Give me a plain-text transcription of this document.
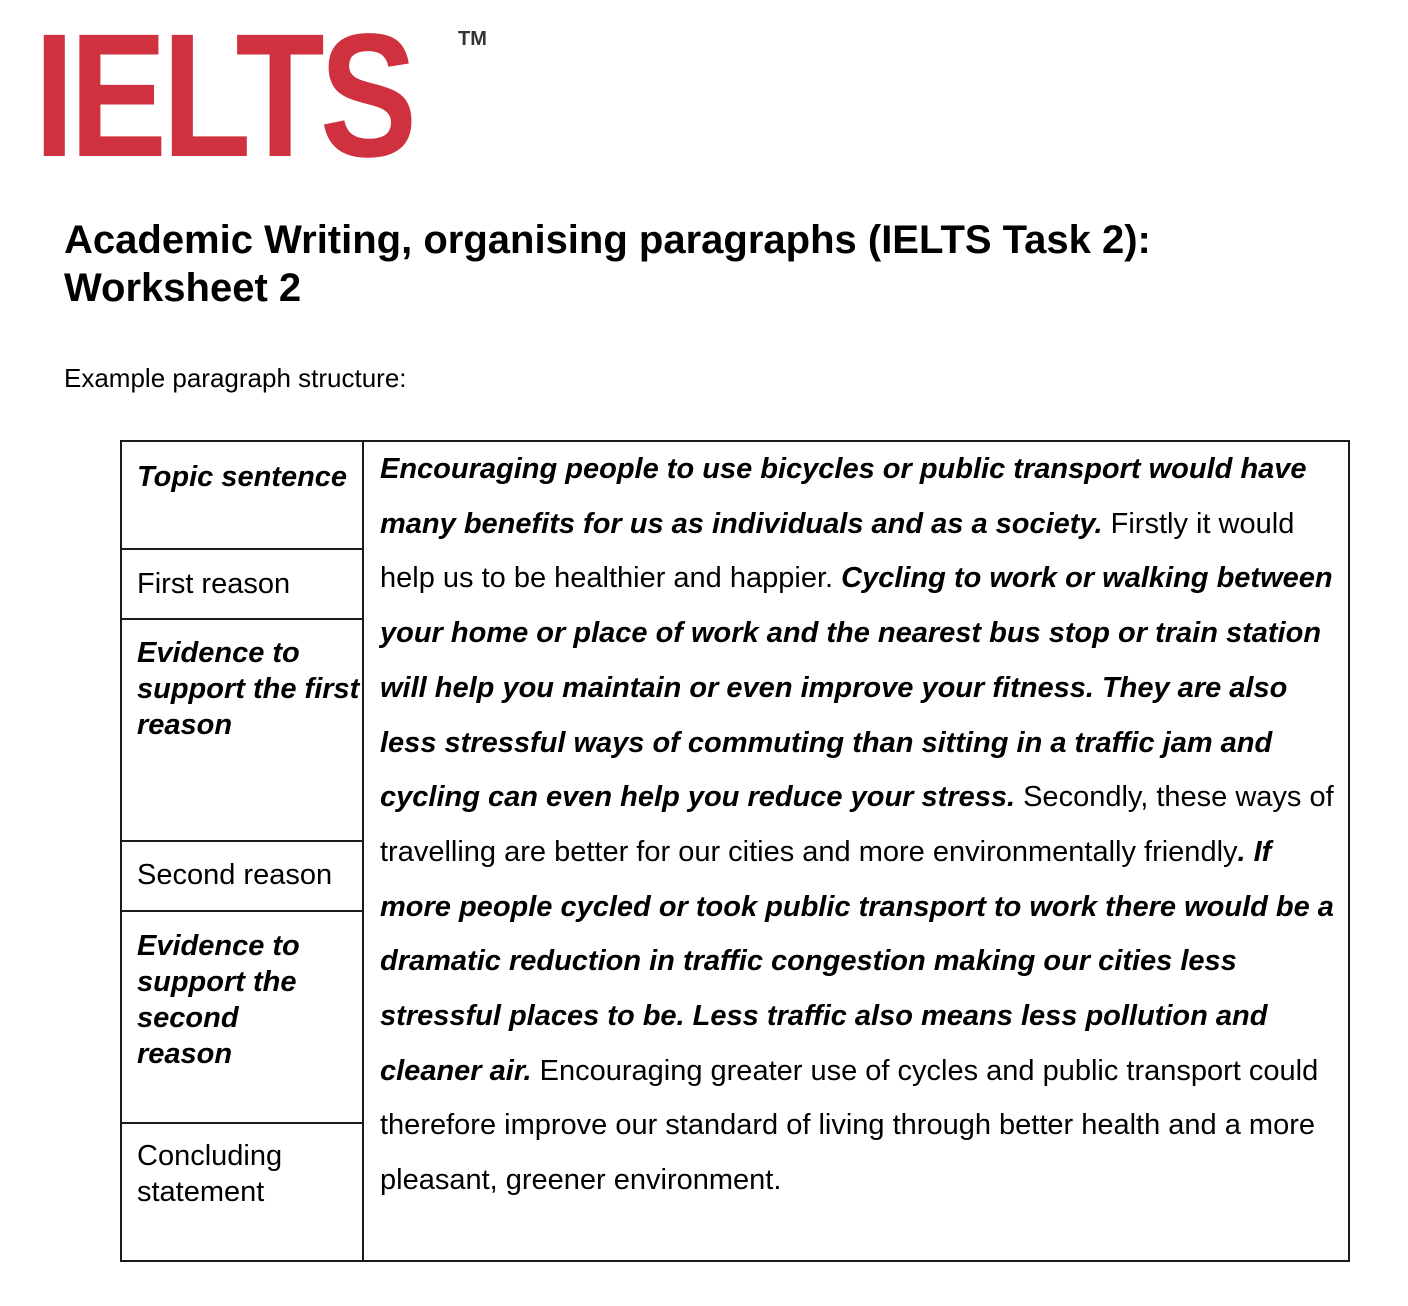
IELTS TM
Academic Writing, organising paragraphs (IELTS Task 2): Worksheet 2
Example paragraph structure:
Topic sentence
First reason
Evidence to support the first reason
Second reason
Evidence to support the second reason
Concluding statement

Encouraging people to use bicycles or public transport would have many benefits for us as individuals and as a society. Firstly it would help us to be healthier and happier. Cycling to work or walking between your home or place of work and the nearest bus stop or train station will help you maintain or even improve your fitness. They are also less stressful ways of commuting than sitting in a traffic jam and cycling can even help you reduce your stress. Secondly, these ways of travelling are better for our cities and more environmentally friendly. If more people cycled or took public transport to work there would be a dramatic reduction in traffic congestion making our cities less stressful places to be. Less traffic also means less pollution and cleaner air. Encouraging greater use of cycles and public transport could therefore improve our standard of living through better health and a more pleasant, greener environment.
